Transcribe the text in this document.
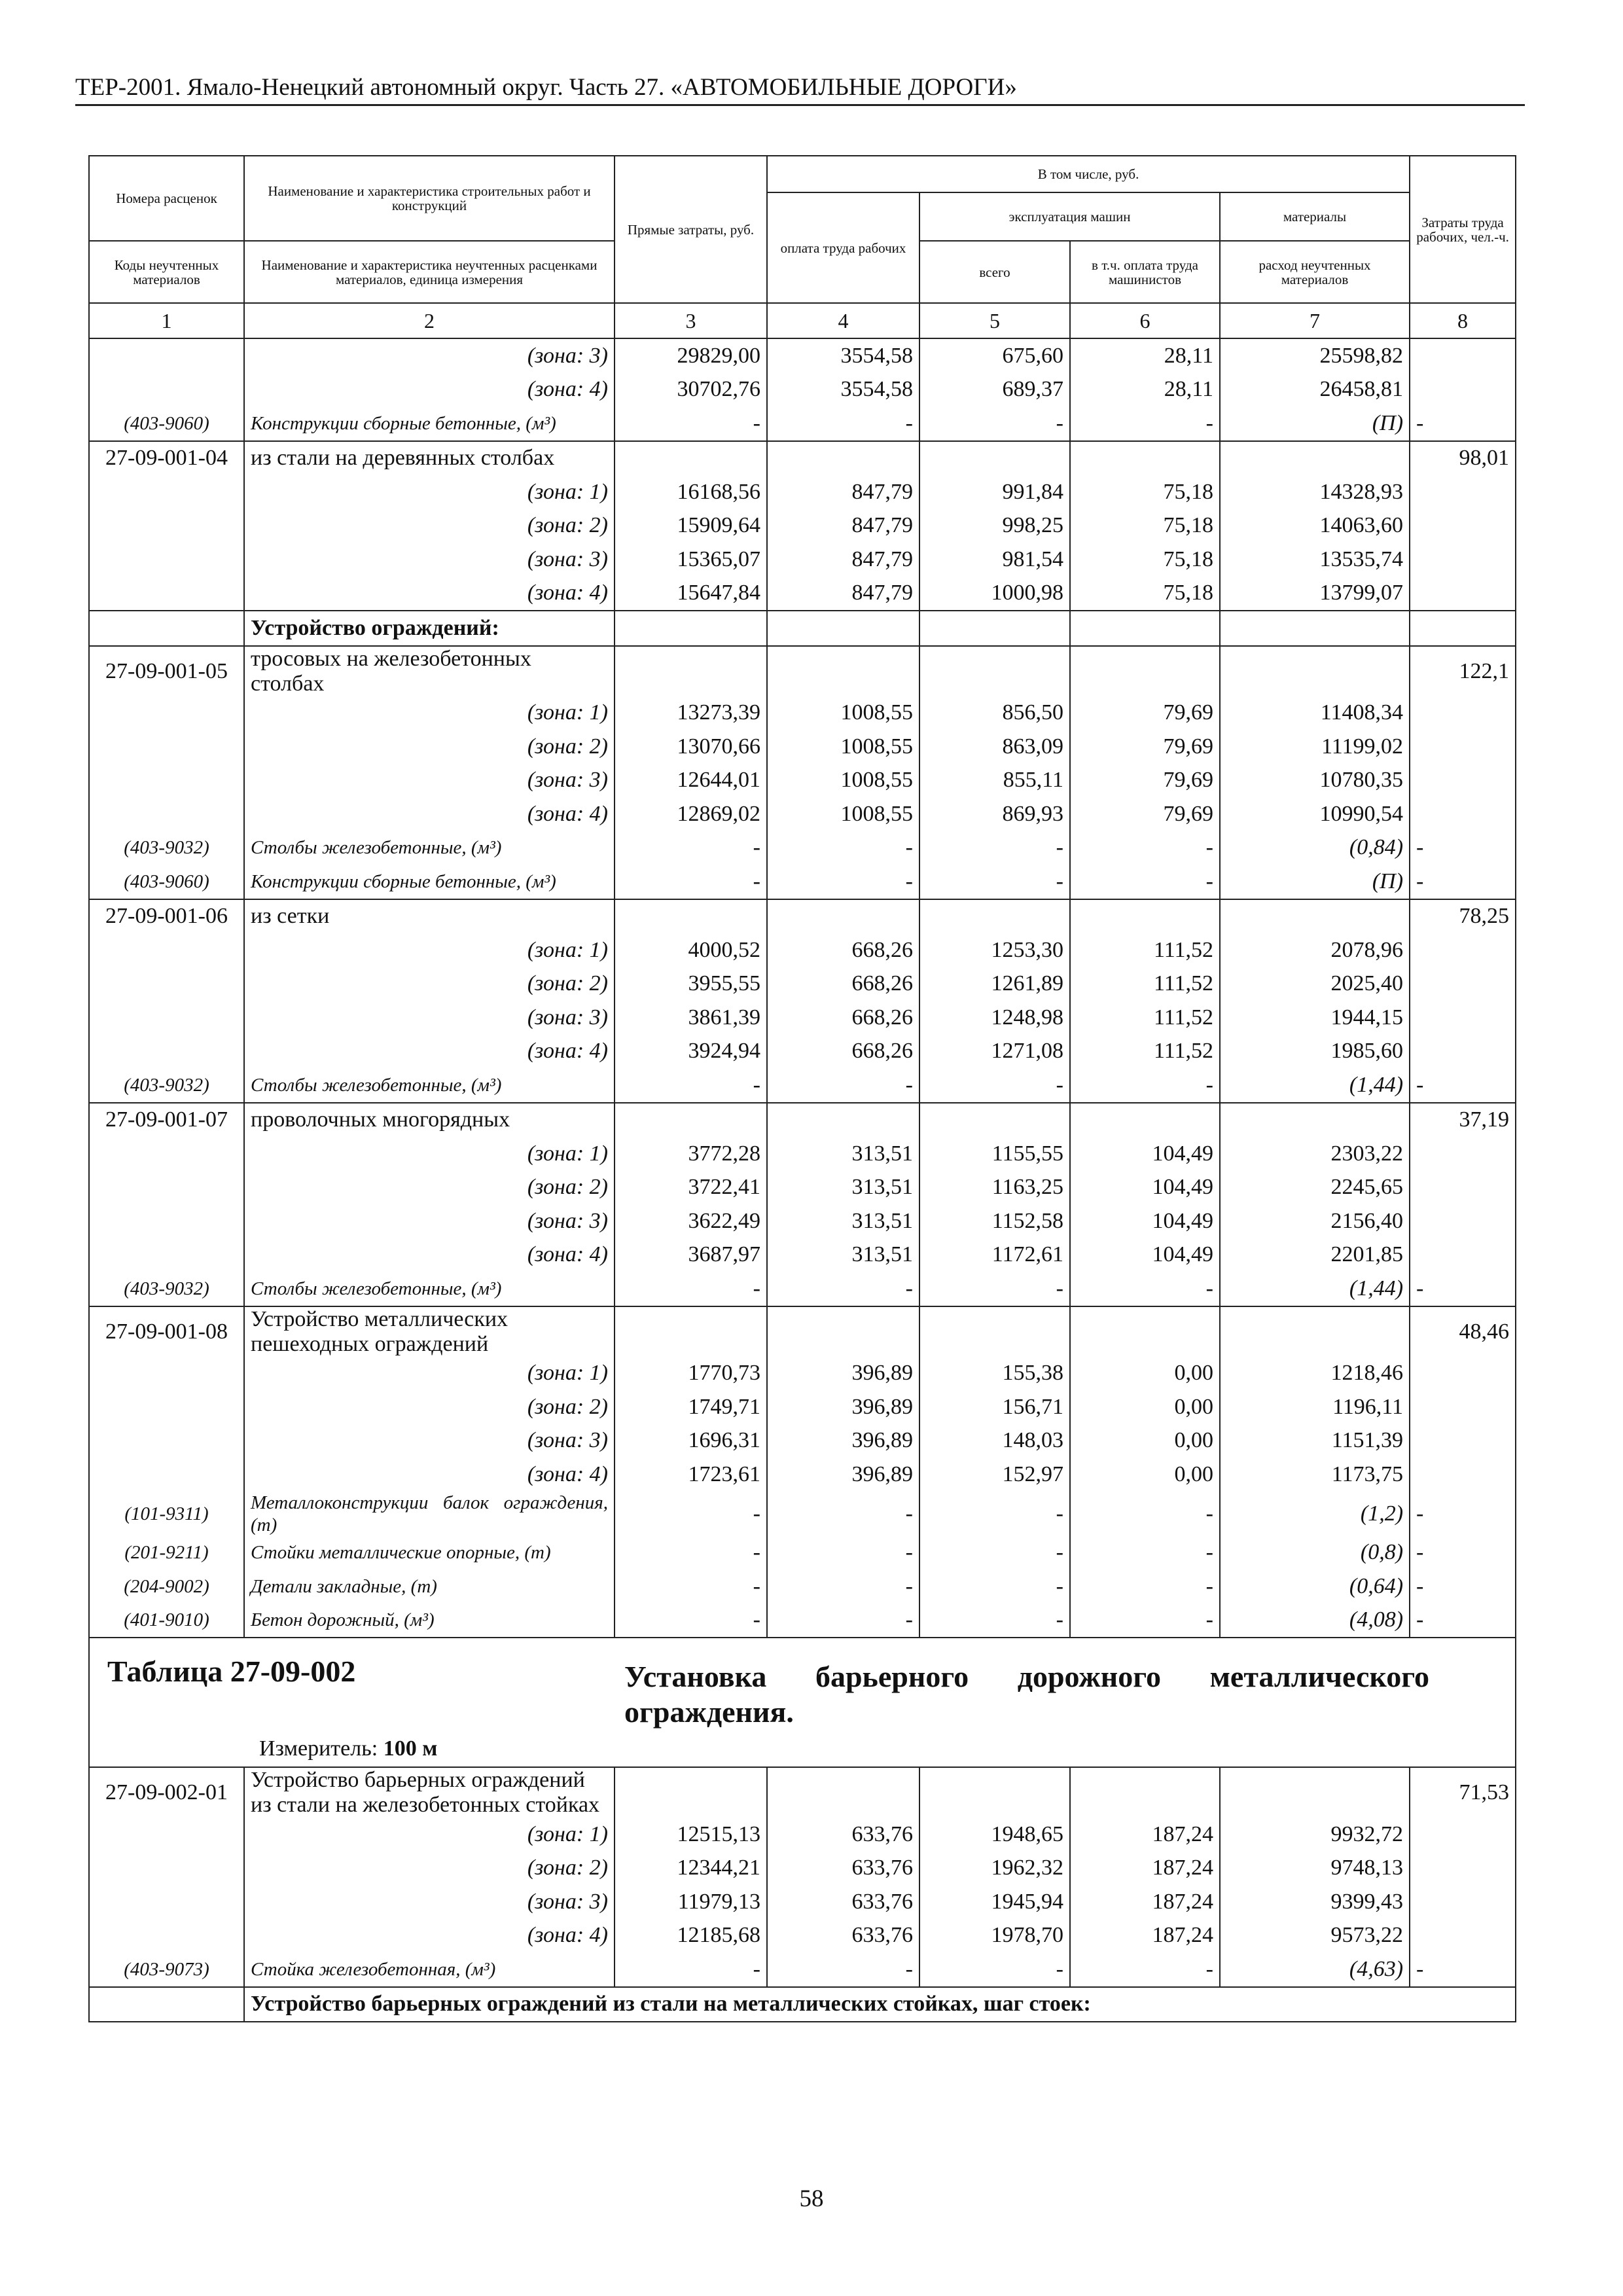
ТЕР-2001. Ямало-Ненецкий автономный округ. Часть 27. «АВТОМОБИЛЬНЫЕ ДОРОГИ»
Номера расценок	Наименование и характеристика строительных работ и конструкций	Прямые затраты, руб.	В том числе, руб.				Затраты труда рабочих, чел.-ч.
			оплата труда рабочих	эксплуатация машин		материалы	
Коды неучтенных материалов	Наименование и характеристика неучтенных расценками материалов, единица измерения			всего	в т.ч. оплата труда машинистов	расход неучтенных материалов	
1	2	3	4	5	6	7	8
	(зона: 3)	29829,00	3554,58	675,60	28,11	25598,82	
	(зона: 4)	30702,76	3554,58	689,37	28,11	26458,81	
(403-9060)	Конструкции сборные бетонные, (м³)	-	-	-	-	(П)	-
27-09-001-04	из стали на деревянных столбах						98,01
	(зона: 1)	16168,56	847,79	991,84	75,18	14328,93	
	(зона: 2)	15909,64	847,79	998,25	75,18	14063,60	
	(зона: 3)	15365,07	847,79	981,54	75,18	13535,74	
	(зона: 4)	15647,84	847,79	1000,98	75,18	13799,07	
	Устройство ограждений:						
27-09-001-05	тросовых на железобетонных столбах						122,1
	(зона: 1)	13273,39	1008,55	856,50	79,69	11408,34	
	(зона: 2)	13070,66	1008,55	863,09	79,69	11199,02	
	(зона: 3)	12644,01	1008,55	855,11	79,69	10780,35	
	(зона: 4)	12869,02	1008,55	869,93	79,69	10990,54	
(403-9032)	Столбы железобетонные, (м³)	-	-	-	-	(0,84)	-
(403-9060)	Конструкции сборные бетонные, (м³)	-	-	-	-	(П)	-
27-09-001-06	из сетки						78,25
	(зона: 1)	4000,52	668,26	1253,30	111,52	2078,96	
	(зона: 2)	3955,55	668,26	1261,89	111,52	2025,40	
	(зона: 3)	3861,39	668,26	1248,98	111,52	1944,15	
	(зона: 4)	3924,94	668,26	1271,08	111,52	1985,60	
(403-9032)	Столбы железобетонные, (м³)	-	-	-	-	(1,44)	-
27-09-001-07	проволочных многорядных						37,19
	(зона: 1)	3772,28	313,51	1155,55	104,49	2303,22	
	(зона: 2)	3722,41	313,51	1163,25	104,49	2245,65	
	(зона: 3)	3622,49	313,51	1152,58	104,49	2156,40	
	(зона: 4)	3687,97	313,51	1172,61	104,49	2201,85	
(403-9032)	Столбы железобетонные, (м³)	-	-	-	-	(1,44)	-
27-09-001-08	Устройство металлических пешеходных ограждений						48,46
	(зона: 1)	1770,73	396,89	155,38	0,00	1218,46	
	(зона: 2)	1749,71	396,89	156,71	0,00	1196,11	
	(зона: 3)	1696,31	396,89	148,03	0,00	1151,39	
	(зона: 4)	1723,61	396,89	152,97	0,00	1173,75	
(101-9311)	Металлоконструкции балок ограждения, (т)	-	-	-	-	(1,2)	-
(201-9211)	Стойки металлические опорные, (т)	-	-	-	-	(0,8)	-
(204-9002)	Детали закладные, (т)	-	-	-	-	(0,64)	-
(401-9010)	Бетон дорожный, (м³)	-	-	-	-	(4,08)	-

Таблица 27-09-002 Установка барьерного дорожного металлического ограждения.
Измеритель: 100 м							

27-09-002-01	Устройство барьерных ограждений из стали на железобетонных стойках						71,53
	(зона: 1)	12515,13	633,76	1948,65	187,24	9932,72	
	(зона: 2)	12344,21	633,76	1962,32	187,24	9748,13	
	(зона: 3)	11979,13	633,76	1945,94	187,24	9399,43	
	(зона: 4)	12185,68	633,76	1978,70	187,24	9573,22	
(403-9073)	Стойка железобетонная, (м³)	-	-	-	-	(4,63)	-
	Устройство барьерных ограждений из стали на металлических стойках, шаг стоек:						
58
